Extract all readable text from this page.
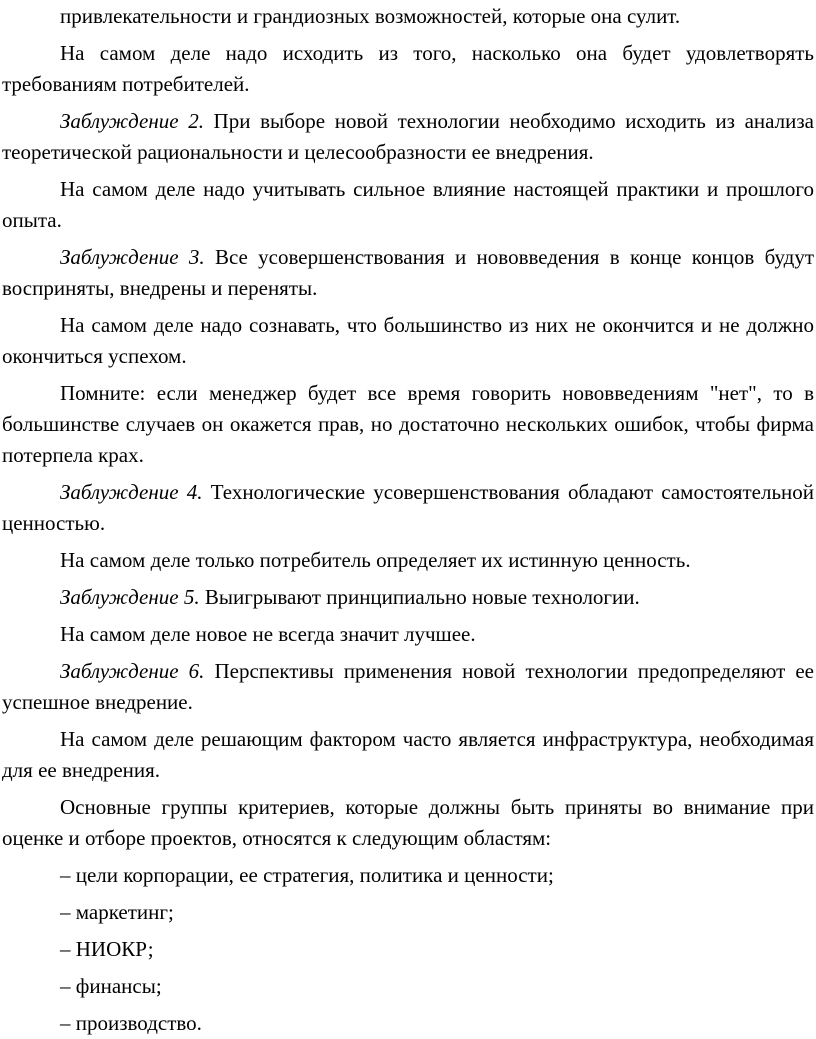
привлекательности и грандиозных возможностей, которые она сулит.

На самом деле надо исходить из того, насколько она будет удовлетворять требованиям потребителей.

Заблуждение 2. При выборе новой технологии необходимо исходить из анализа теоретической рациональности и целесообразности ее внедрения.

На самом деле надо учитывать сильное влияние настоящей практики и прошлого опыта.

Заблуждение 3. Все усовершенствования и нововведения в конце концов будут восприняты, внедрены и переняты.

На самом деле надо сознавать, что большинство из них не окончится и не должно окончиться успехом.

Помните: если менеджер будет все время говорить нововведениям "нет", то в большинстве случаев он окажется прав, но достаточно нескольких ошибок, чтобы фирма потерпела крах.

Заблуждение 4. Технологические усовершенствования обладают самостоятельной ценностью.

На самом деле только потребитель определяет их истинную ценность.

Заблуждение 5. Выигрывают принципиально новые технологии.

На самом деле новое не всегда значит лучшее.

Заблуждение 6. Перспективы применения новой технологии предопределяют ее успешное внедрение.

На самом деле решающим фактором часто является инфраструктура, необходимая для ее внедрения.

Основные группы критериев, которые должны быть приняты во внимание при оценке и отборе проектов, относятся к следующим областям:

– цели корпорации, ее стратегия, политика и ценности;
– маркетинг;
– НИОКР;
– финансы;
– производство.
